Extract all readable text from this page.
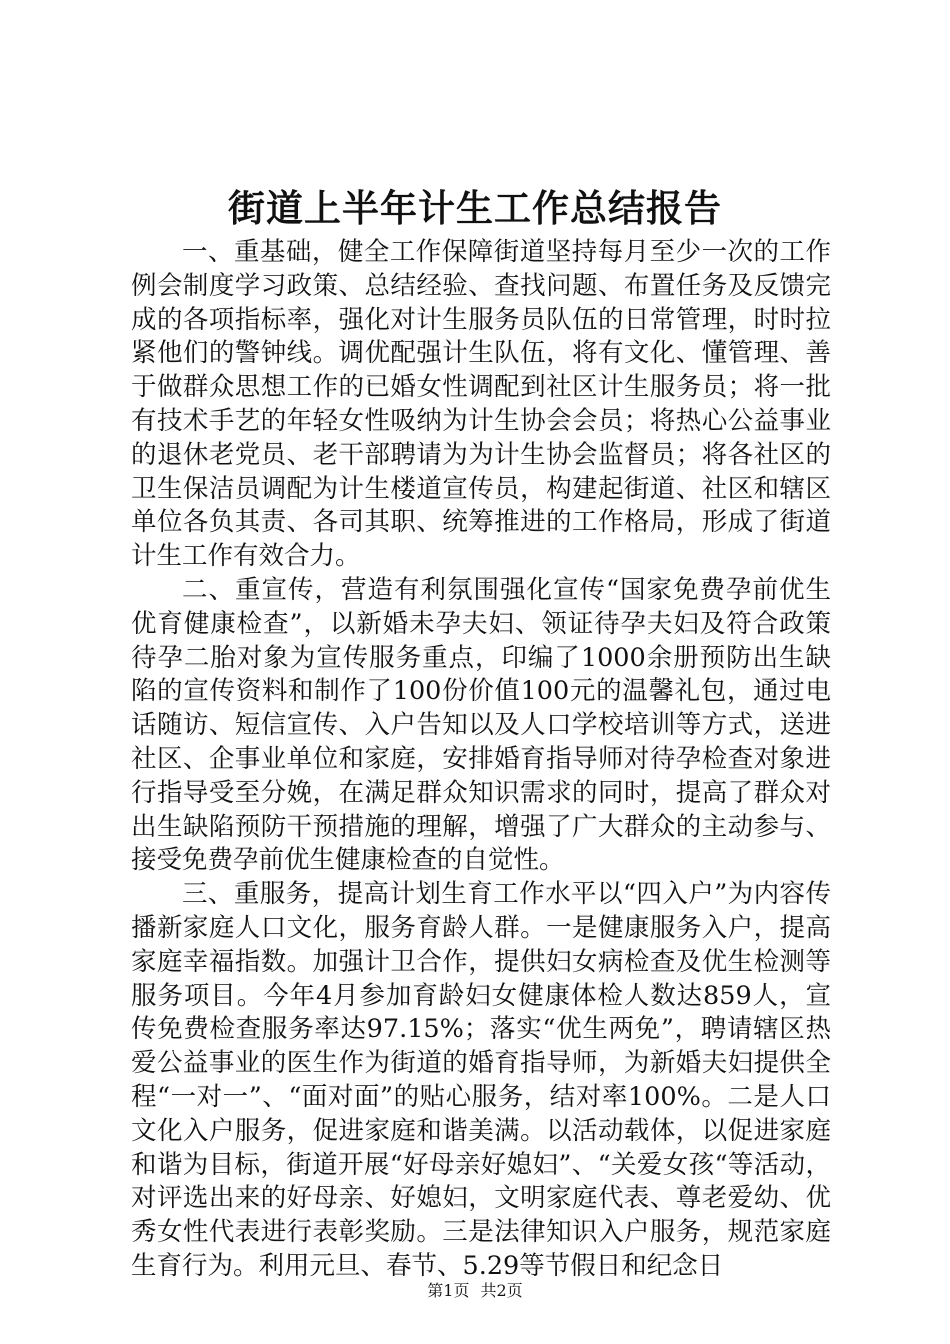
街道上半年计生工作总结报告

一、重基础，健全工作保障街道坚持每月至少一次的工作例会制度学习政策、总结经验、查找问题、布置任务及反馈完成的各项指标率，强化对计生服务员队伍的日常管理，时时拉紧他们的警钟线。调优配强计生队伍，将有文化、懂管理、善于做群众思想工作的已婚女性调配到社区计生服务员；将一批有技术手艺的年轻女性吸纳为计生协会会员；将热心公益事业的退休老党员、老干部聘请为为计生协会监督员；将各社区的卫生保洁员调配为计生楼道宣传员，构建起街道、社区和辖区单位各负其责、各司其职、统筹推进的工作格局，形成了街道计生工作有效合力。

二、重宣传，营造有利氛围强化宣传“国家免费孕前优生优育健康检查”，以新婚未孕夫妇、领证待孕夫妇及符合政策待孕二胎对象为宣传服务重点，印编了1000余册预防出生缺陷的宣传资料和制作了100份价值100元的温馨礼包，通过电话随访、短信宣传、入户告知以及人口学校培训等方式，送进社区、企事业单位和家庭，安排婚育指导师对待孕检查对象进行指导受至分娩，在满足群众知识需求的同时，提高了群众对出生缺陷预防干预措施的理解，增强了广大群众的主动参与、接受免费孕前优生健康检查的自觉性。

三、重服务，提高计划生育工作水平以“四入户”为内容传播新家庭人口文化，服务育龄人群。一是健康服务入户，提高家庭幸福指数。加强计卫合作，提供妇女病检查及优生检测等服务项目。今年4月参加育龄妇女健康体检人数达859人，宣传免费检查服务率达97.15%；落实“优生两免”，聘请辖区热爱公益事业的医生作为街道的婚育指导师，为新婚夫妇提供全程“一对一”、“面对面”的贴心服务，结对率100%。二是人口文化入户服务，促进家庭和谐美满。以活动载体，以促进家庭和谐为目标，街道开展“好母亲好媳妇”、“关爱女孩“等活动，对评选出来的好母亲、好媳妇，文明家庭代表、尊老爱幼、优秀女性代表进行表彰奖励。三是法律知识入户服务，规范家庭生育行为。利用元旦、春节、5.29等节假日和纪念日

第1页 共2页
